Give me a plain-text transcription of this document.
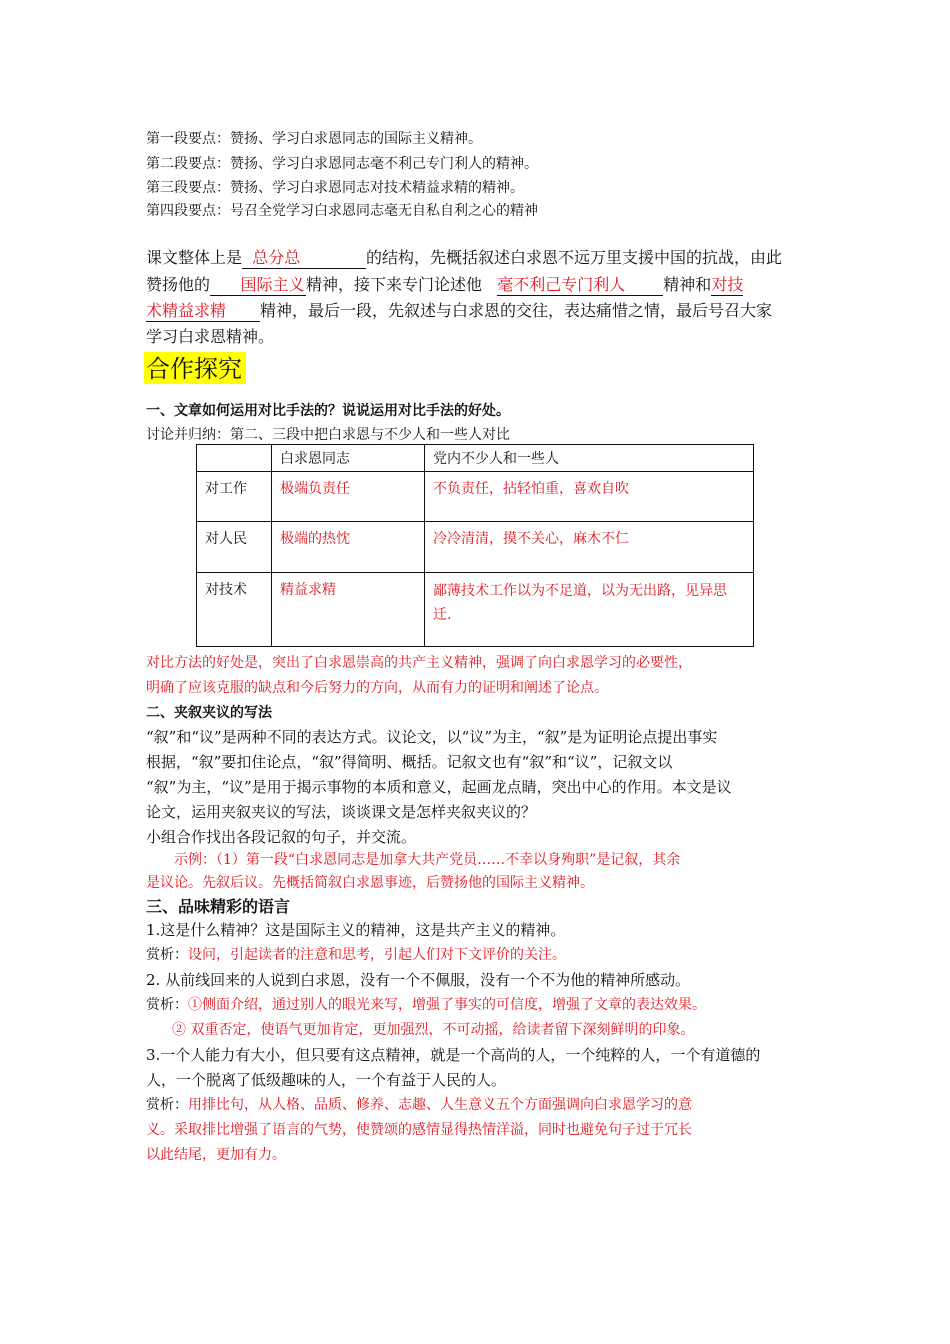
第一段要点：赞扬、学习白求恩同志的国际主义精神。
第二段要点：赞扬、学习白求恩同志毫不利己专门利人的精神。
第三段要点：赞扬、学习白求恩同志对技术精益求精的精神。
第四段要点：号召全党学习白求恩同志毫无自私自利之心的精神
课文整体上是 总分总	的结构，先概括叙述白求恩不远万里支援中国的抗战，由此
赞扬他的 国际主义精神，接下来专门论述他 毫不利己专门利人 精神和对技
术精益求精 精神，最后一段，先叙述与白求恩的交往，表达痛惜之情，最后号召大家
学习白求恩精神。
合作探究
一、文章如何运用对比手法的？说说运用对比手法的好处。
讨论并归纳：第二、三段中把白求恩与不少人和一些人对比
	白求恩同志	党内不少人和一些人
对工作	极端负责任	不负责任，拈轻怕重，喜欢自吹
对人民	极端的热忱	冷冷清清，摸不关心，麻木不仁
对技术	精益求精	鄙薄技术工作以为不足道，以为无出路，见异思迁.
对比方法的好处是，突出了白求恩崇高的共产主义精神，强调了向白求恩学习的必要性，
明确了应该克服的缺点和今后努力的方向，从而有力的证明和阐述了论点。
二、夹叙夹议的写法
“叙”和“议”是两种不同的表达方式。议论文，以“议”为主，“叙”是为证明论点提出事实
根据，“叙”要扣住论点，“叙”得简明、概括。记叙文也有“叙”和“议”，记叙文以
“叙”为主，“议”是用于揭示事物的本质和意义，起画龙点睛，突出中心的作用。本文是议
论文，运用夹叙夹议的写法，谈谈课文是怎样夹叙夹议的？
小组合作找出各段记叙的句子，并交流。
示例：（1）第一段“白求恩同志是加拿大共产党员……不幸以身殉职”是记叙，其余
是议论。先叙后议。先概括简叙白求恩事迹，后赞扬他的国际主义精神。
三、品味精彩的语言
1.这是什么精神？这是国际主义的精神，这是共产主义的精神。
赏析：设问，引起读者的注意和思考，引起人们对下文评价的关注。
2. 从前线回来的人说到白求恩，没有一个不佩服，没有一个不为他的精神所感动。
赏析：①侧面介绍，通过别人的眼光来写，增强了事实的可信度，增强了文章的表达效果。
② 双重否定，使语气更加肯定，更加强烈，不可动摇，给读者留下深刻鲜明的印象。
3.一个人能力有大小，但只要有这点精神，就是一个高尚的人，一个纯粹的人，一个有道德的
人，一个脱离了低级趣味的人，一个有益于人民的人。
赏析：用排比句，从人格、品质、修养、志趣、人生意义五个方面强调向白求恩学习的意
义。采取排比增强了语言的气势，使赞颂的感情显得热情洋溢，同时也避免句子过于冗长
以此结尾，更加有力。
